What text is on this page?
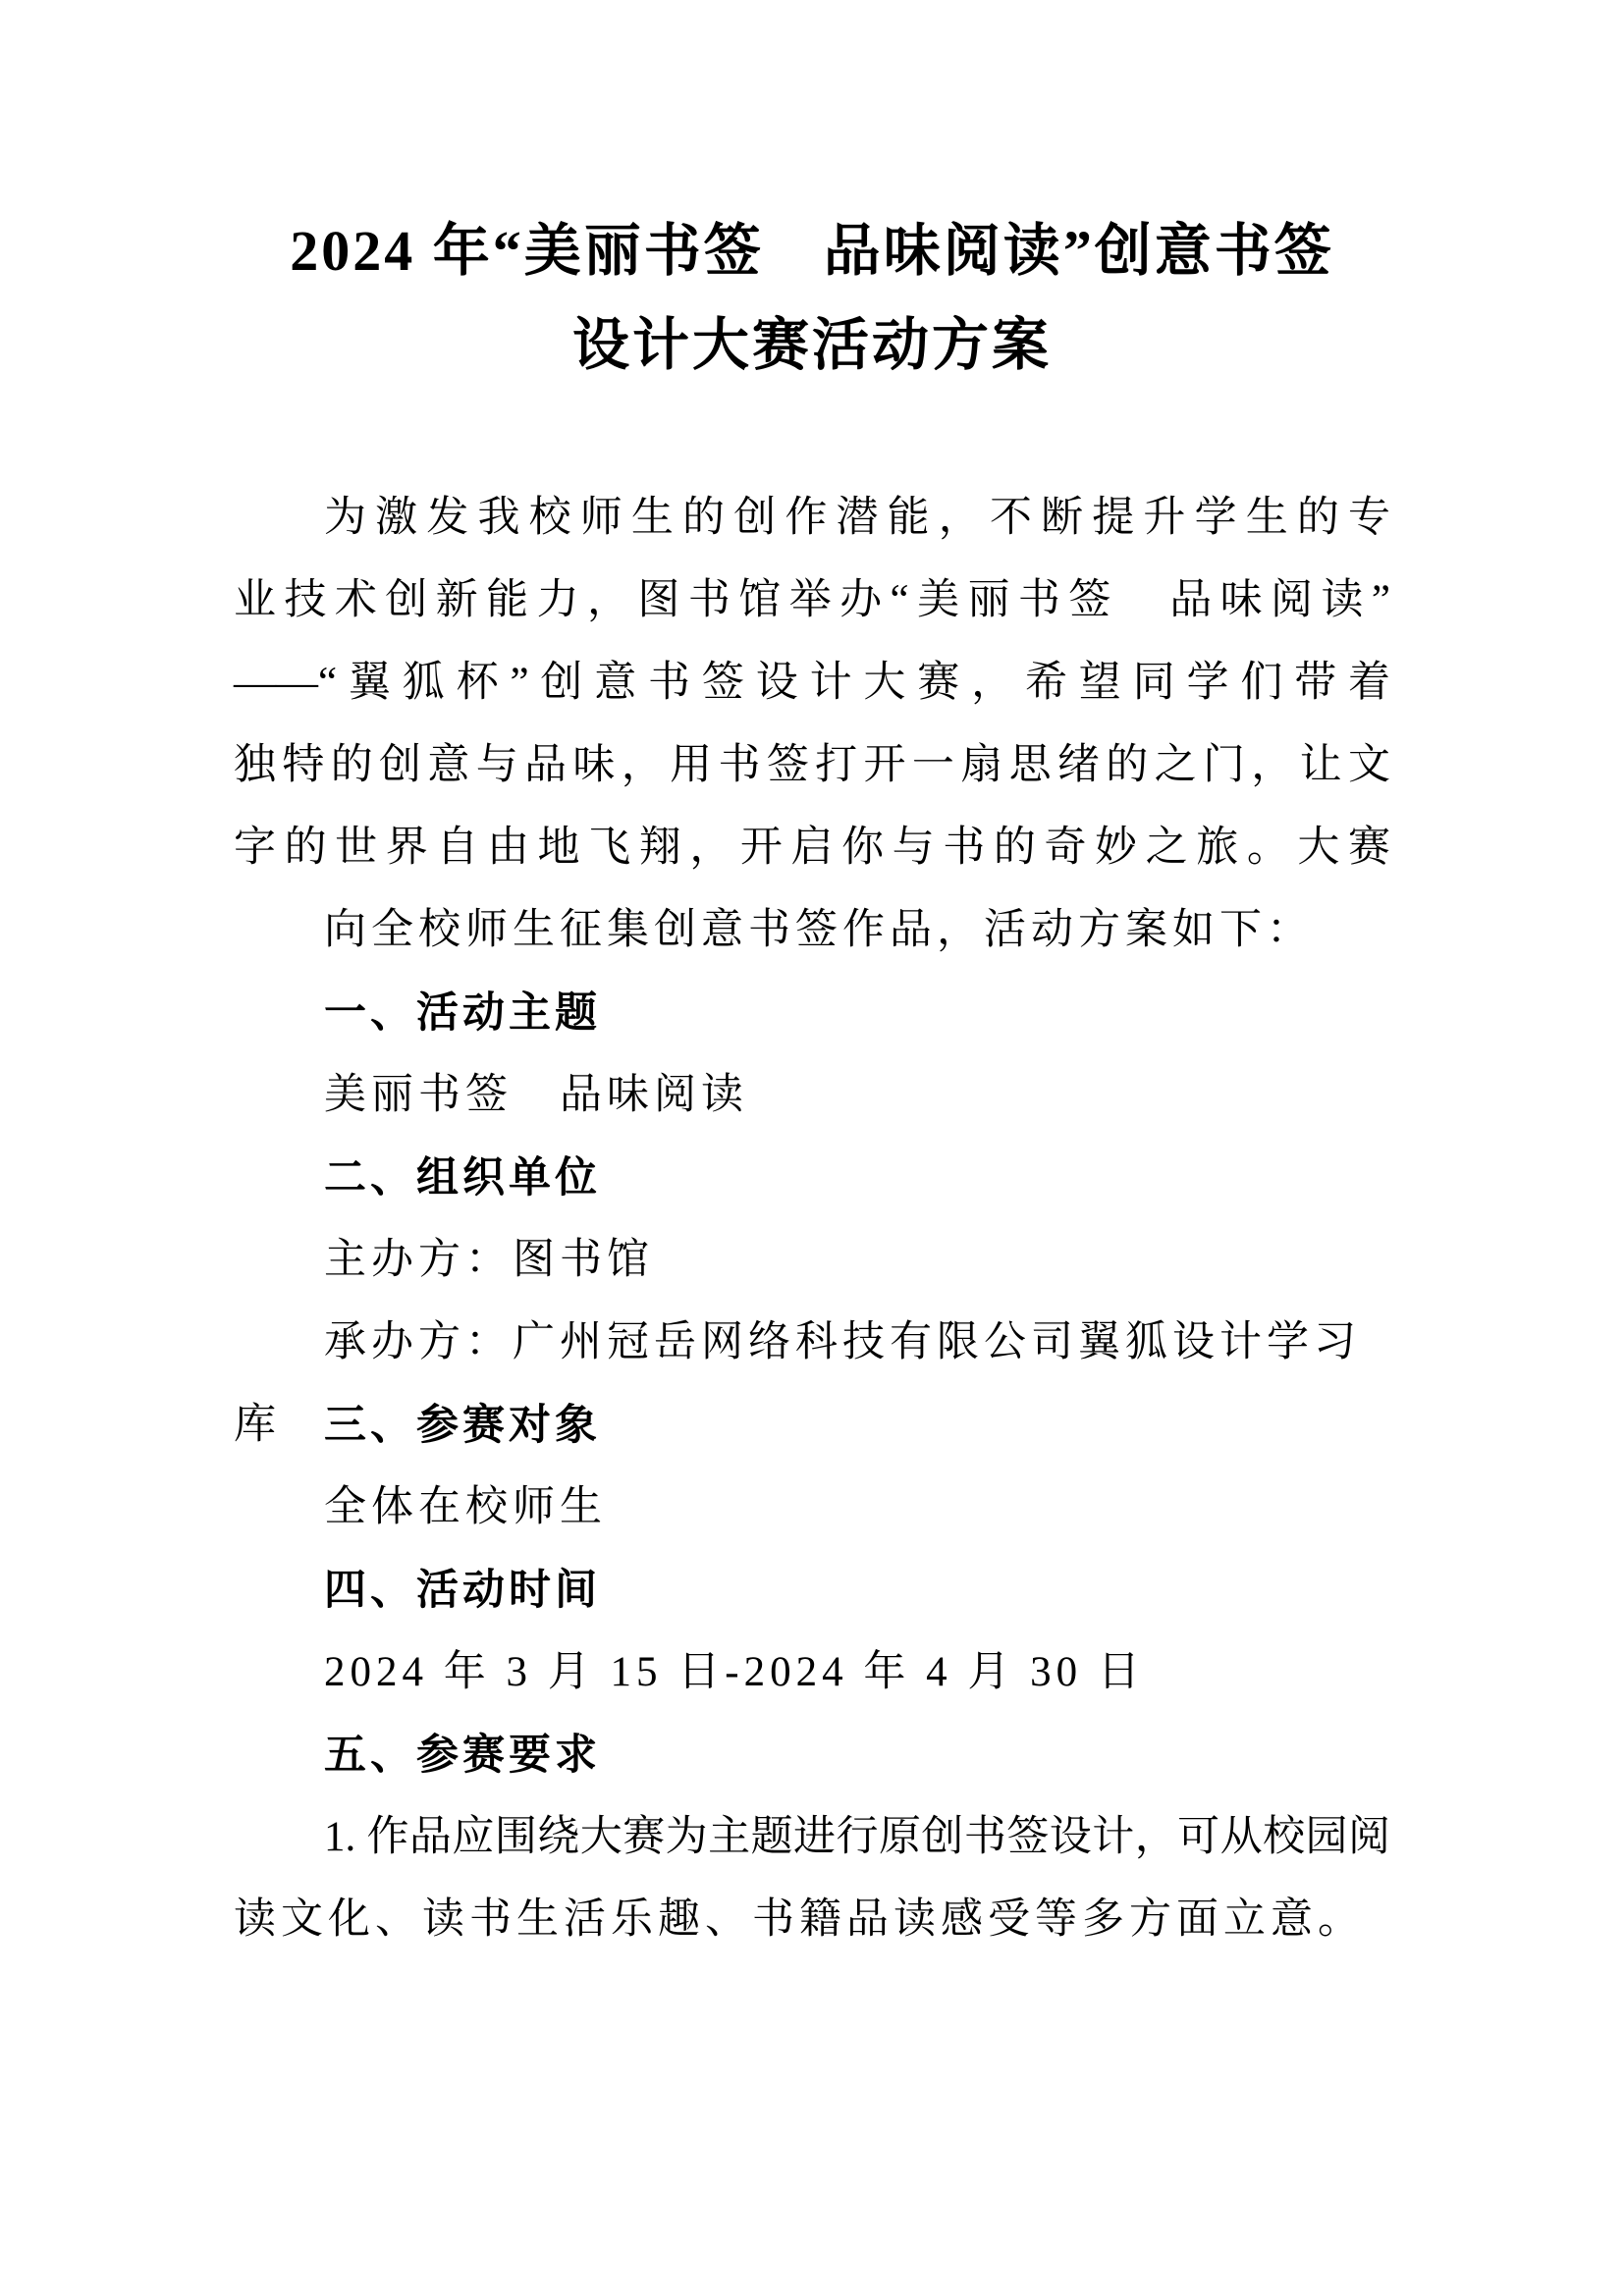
2024 年“美丽书签　品味阅读”创意书签
设计大赛活动方案

为激发我校师生的创作潜能，不断提升学生的专

业技术创新能力，图书馆举办“美丽书签　品味阅读”

——“翼狐杯”创意书签设计大赛，希望同学们带着

独特的创意与品味，用书签打开一扇思绪的之门，让文

字的世界自由地飞翔，开启你与书的奇妙之旅。大赛

向全校师生征集创意书签作品，活动方案如下：

一、活动主题

美丽书签　品味阅读

二、组织单位

主办方：图书馆

承办方：广州冠岳网络科技有限公司翼狐设计学习库	三、参赛对象

全体在校师生

四、活动时间

2024 年 3 月 15 日-2024 年 4 月 30 日

五、参赛要求

1. 作品应围绕大赛为主题进行原创书签设计，可从校园阅

读文化、读书生活乐趣、书籍品读感受等多方面立意。
